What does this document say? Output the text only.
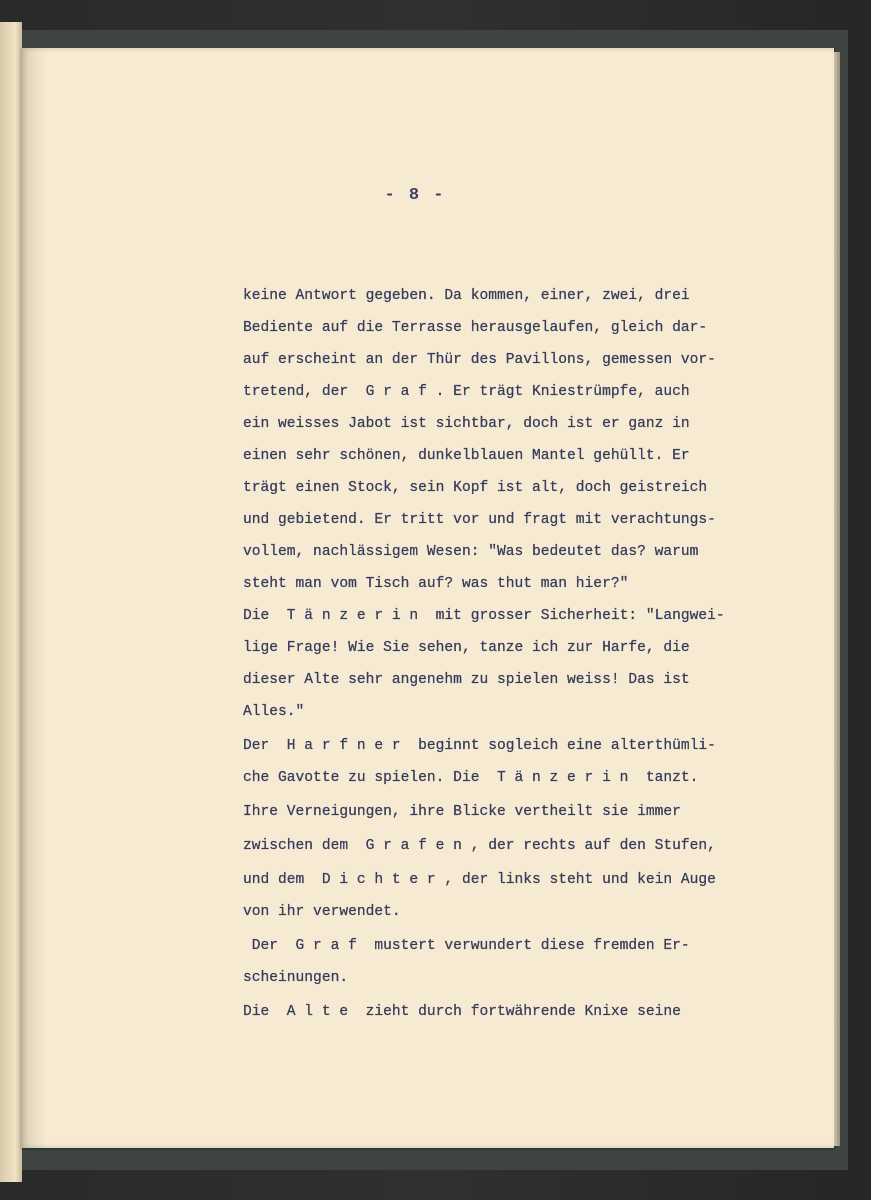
- 8 -
keine Antwort gegeben. Da kommen, einer, zwei, drei
Bediente auf die Terrasse herausgelaufen, gleich dar-
auf erscheint an der Thür des Pavillons, gemessen vor-
tretend, der  G r a f . Er trägt Kniestrümpfe, auch
ein weisses Jabot ist sichtbar, doch ist er ganz in
einen sehr schönen, dunkelblauen Mantel gehüllt. Er
trägt einen Stock, sein Kopf ist alt, doch geistreich
und gebietend. Er tritt vor und fragt mit verachtungs-
vollem, nachlässigem Wesen: "Was bedeutet das? warum
steht man vom Tisch auf? was thut man hier?"
Die  T ä n z e r i n  mit grosser Sicherheit: "Langwei-
lige Frage! Wie Sie sehen, tanze ich zur Harfe, die
dieser Alte sehr angenehm zu spielen weiss! Das ist
Alles."
Der  H a r f n e r  beginnt sogleich eine alterthümli-
che Gavotte zu spielen. Die  T ä n z e r i n  tanzt.
Ihre Verneigungen, ihre Blicke vertheilt sie immer
zwischen dem  G r a f e n , der rechts auf den Stufen,
und dem  D i c h t e r , der links steht und kein Auge
von ihr verwendet.
Der  G r a f  mustert verwundert diese fremden Er-
scheinungen.
Die  A l t e  zieht durch fortwährende Knixe seine
